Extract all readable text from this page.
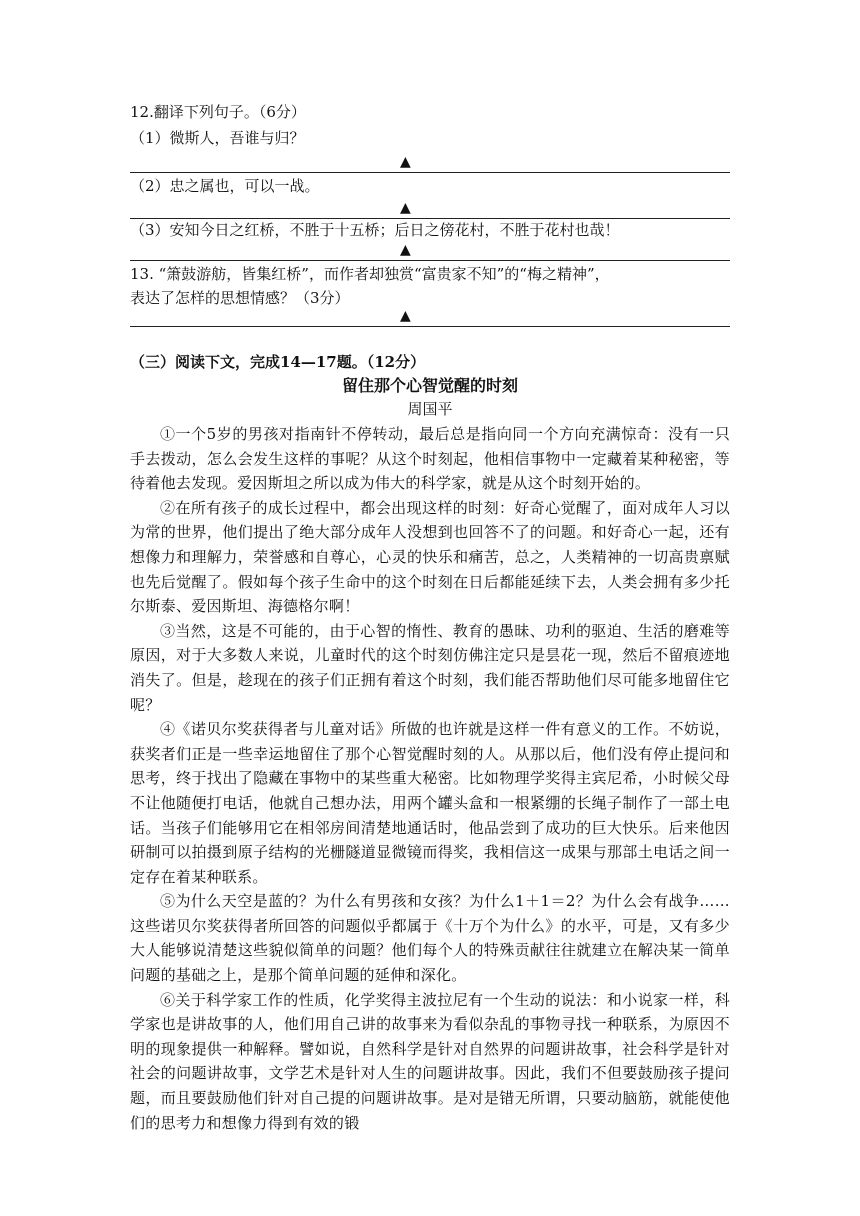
12.翻译下列句子。（6分）
（1）微斯人，吾谁与归？
▲
（2）忠之属也，可以一战。
▲
（3）安知今日之红桥，不胜于十五桥；后日之傍花村，不胜于花村也哉！
▲
13. “箫鼓游舫，皆集红桥”，而作者却独赏“富贵家不知”的“梅之精神”，
表达了怎样的思想情感？（3分）
▲
（三）阅读下文，完成14—17题。（12分）
留住那个心智觉醒的时刻
周国平

①一个5岁的男孩对指南针不停转动，最后总是指向同一个方向充满惊奇：没有一只手去拨动，怎么会发生这样的事呢？从这个时刻起，他相信事物中一定藏着某种秘密，等待着他去发现。爱因斯坦之所以成为伟大的科学家，就是从这个时刻开始的。

②在所有孩子的成长过程中，都会出现这样的时刻：好奇心觉醒了，面对成年人习以为常的世界，他们提出了绝大部分成年人没想到也回答不了的问题。和好奇心一起，还有想像力和理解力，荣誉感和自尊心，心灵的快乐和痛苦，总之，人类精神的一切高贵禀赋也先后觉醒了。假如每个孩子生命中的这个时刻在日后都能延续下去，人类会拥有多少托尔斯泰、爱因斯坦、海德格尔啊！

③当然，这是不可能的，由于心智的惰性、教育的愚昧、功利的驱迫、生活的磨难等原因，对于大多数人来说，儿童时代的这个时刻仿佛注定只是昙花一现，然后不留痕迹地消失了。但是，趁现在的孩子们正拥有着这个时刻，我们能否帮助他们尽可能多地留住它呢？

④《诺贝尔奖获得者与儿童对话》所做的也许就是这样一件有意义的工作。不妨说，获奖者们正是一些幸运地留住了那个心智觉醒时刻的人。从那以后，他们没有停止提问和思考，终于找出了隐藏在事物中的某些重大秘密。比如物理学奖得主宾尼希，小时候父母不让他随便打电话，他就自己想办法，用两个罐头盒和一根紧绷的长绳子制作了一部土电话。当孩子们能够用它在相邻房间清楚地通话时，他品尝到了成功的巨大快乐。后来他因研制可以拍摄到原子结构的光栅隧道显微镜而得奖，我相信这一成果与那部土电话之间一定存在着某种联系。

⑤为什么天空是蓝的？为什么有男孩和女孩？为什么1＋1＝2？为什么会有战争……这些诺贝尔奖获得者所回答的问题似乎都属于《十万个为什么》的水平，可是，又有多少大人能够说清楚这些貌似简单的问题？他们每个人的特殊贡献往往就建立在解决某一简单问题的基础之上，是那个简单问题的延伸和深化。

⑥关于科学家工作的性质，化学奖得主波拉尼有一个生动的说法：和小说家一样，科学家也是讲故事的人，他们用自己讲的故事来为看似杂乱的事物寻找一种联系，为原因不明的现象提供一种解释。譬如说，自然科学是针对自然界的问题讲故事，社会科学是针对社会的问题讲故事，文学艺术是针对人生的问题讲故事。因此，我们不但要鼓励孩子提问题，而且要鼓励他们针对自己提的问题讲故事。是对是错无所谓，只要动脑筋，就能使他们的思考力和想像力得到有效的锻
